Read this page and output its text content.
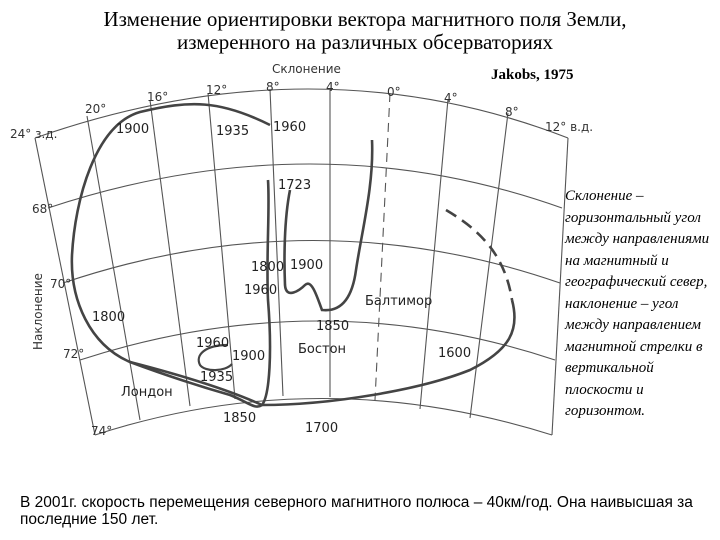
Изменение ориентировки вектора магнитного поля Земли,
измеренного на различных обсерваториях
Jakobs, 1975
Склонение
Наклонение
24° з.д.
20°
16°	12°	8°	4°	0°	4°
8°
12° в.д.
68°
70°
72°
74°
Лондон
Бостон
Балтимор
1900	1935 1960
1800
1960
1900
1935
1850
1723
1800 1900
1850
1700
1600
1960
Склонение – горизонтальный угол между направлениями на магнитный и географический север, наклонение – угол между направлением магнитной стрелки в вертикальной плоскости и горизонтом.
В 2001г. скорость перемещения северного магнитного полюса – 40км/год. Она наивысшая за последние 150 лет.
